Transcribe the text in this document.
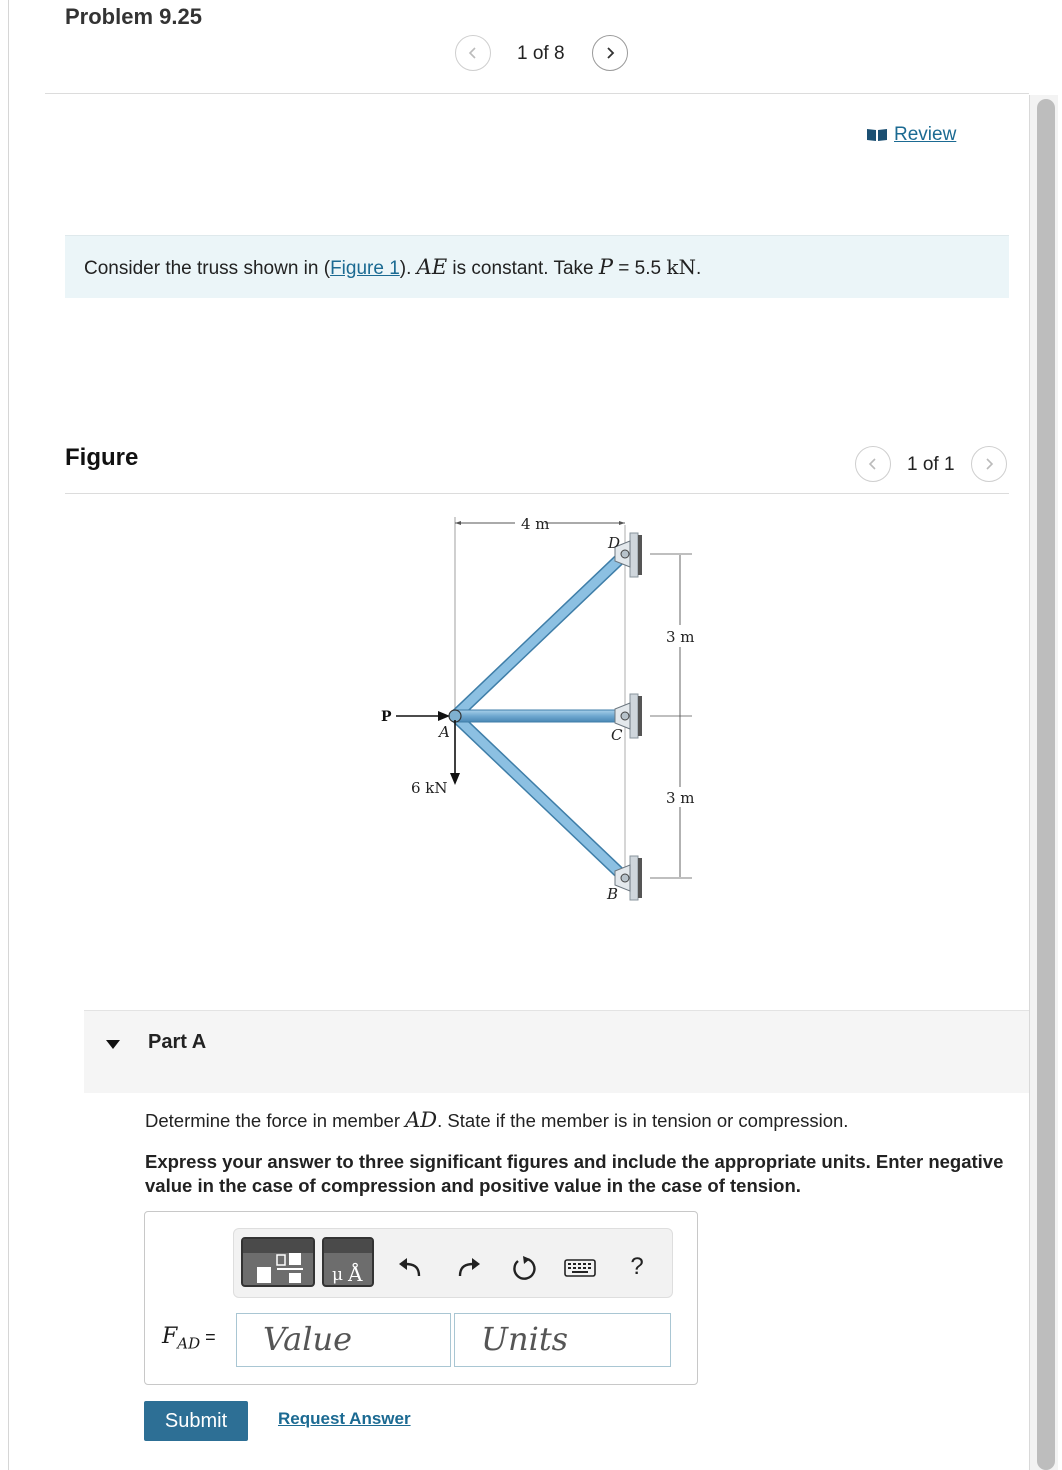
Problem 9.25
1 of 8
Review
Consider the truss shown in (Figure 1). AE is constant. Take P = 5.5 kN.
Figure	1 of 1
4 m
3 m
3 m
P
6 kN
A
D
C
B
Part A
Determine the force in member AD. State if the member is in tension or compression.
Express your answer to three significant figures and include the appropriate units. Enter negative value in the case of compression and positive value in the case of tension.
μ Å	?
$F_{AD}$ = Value	Units
Submit	Request Answer
